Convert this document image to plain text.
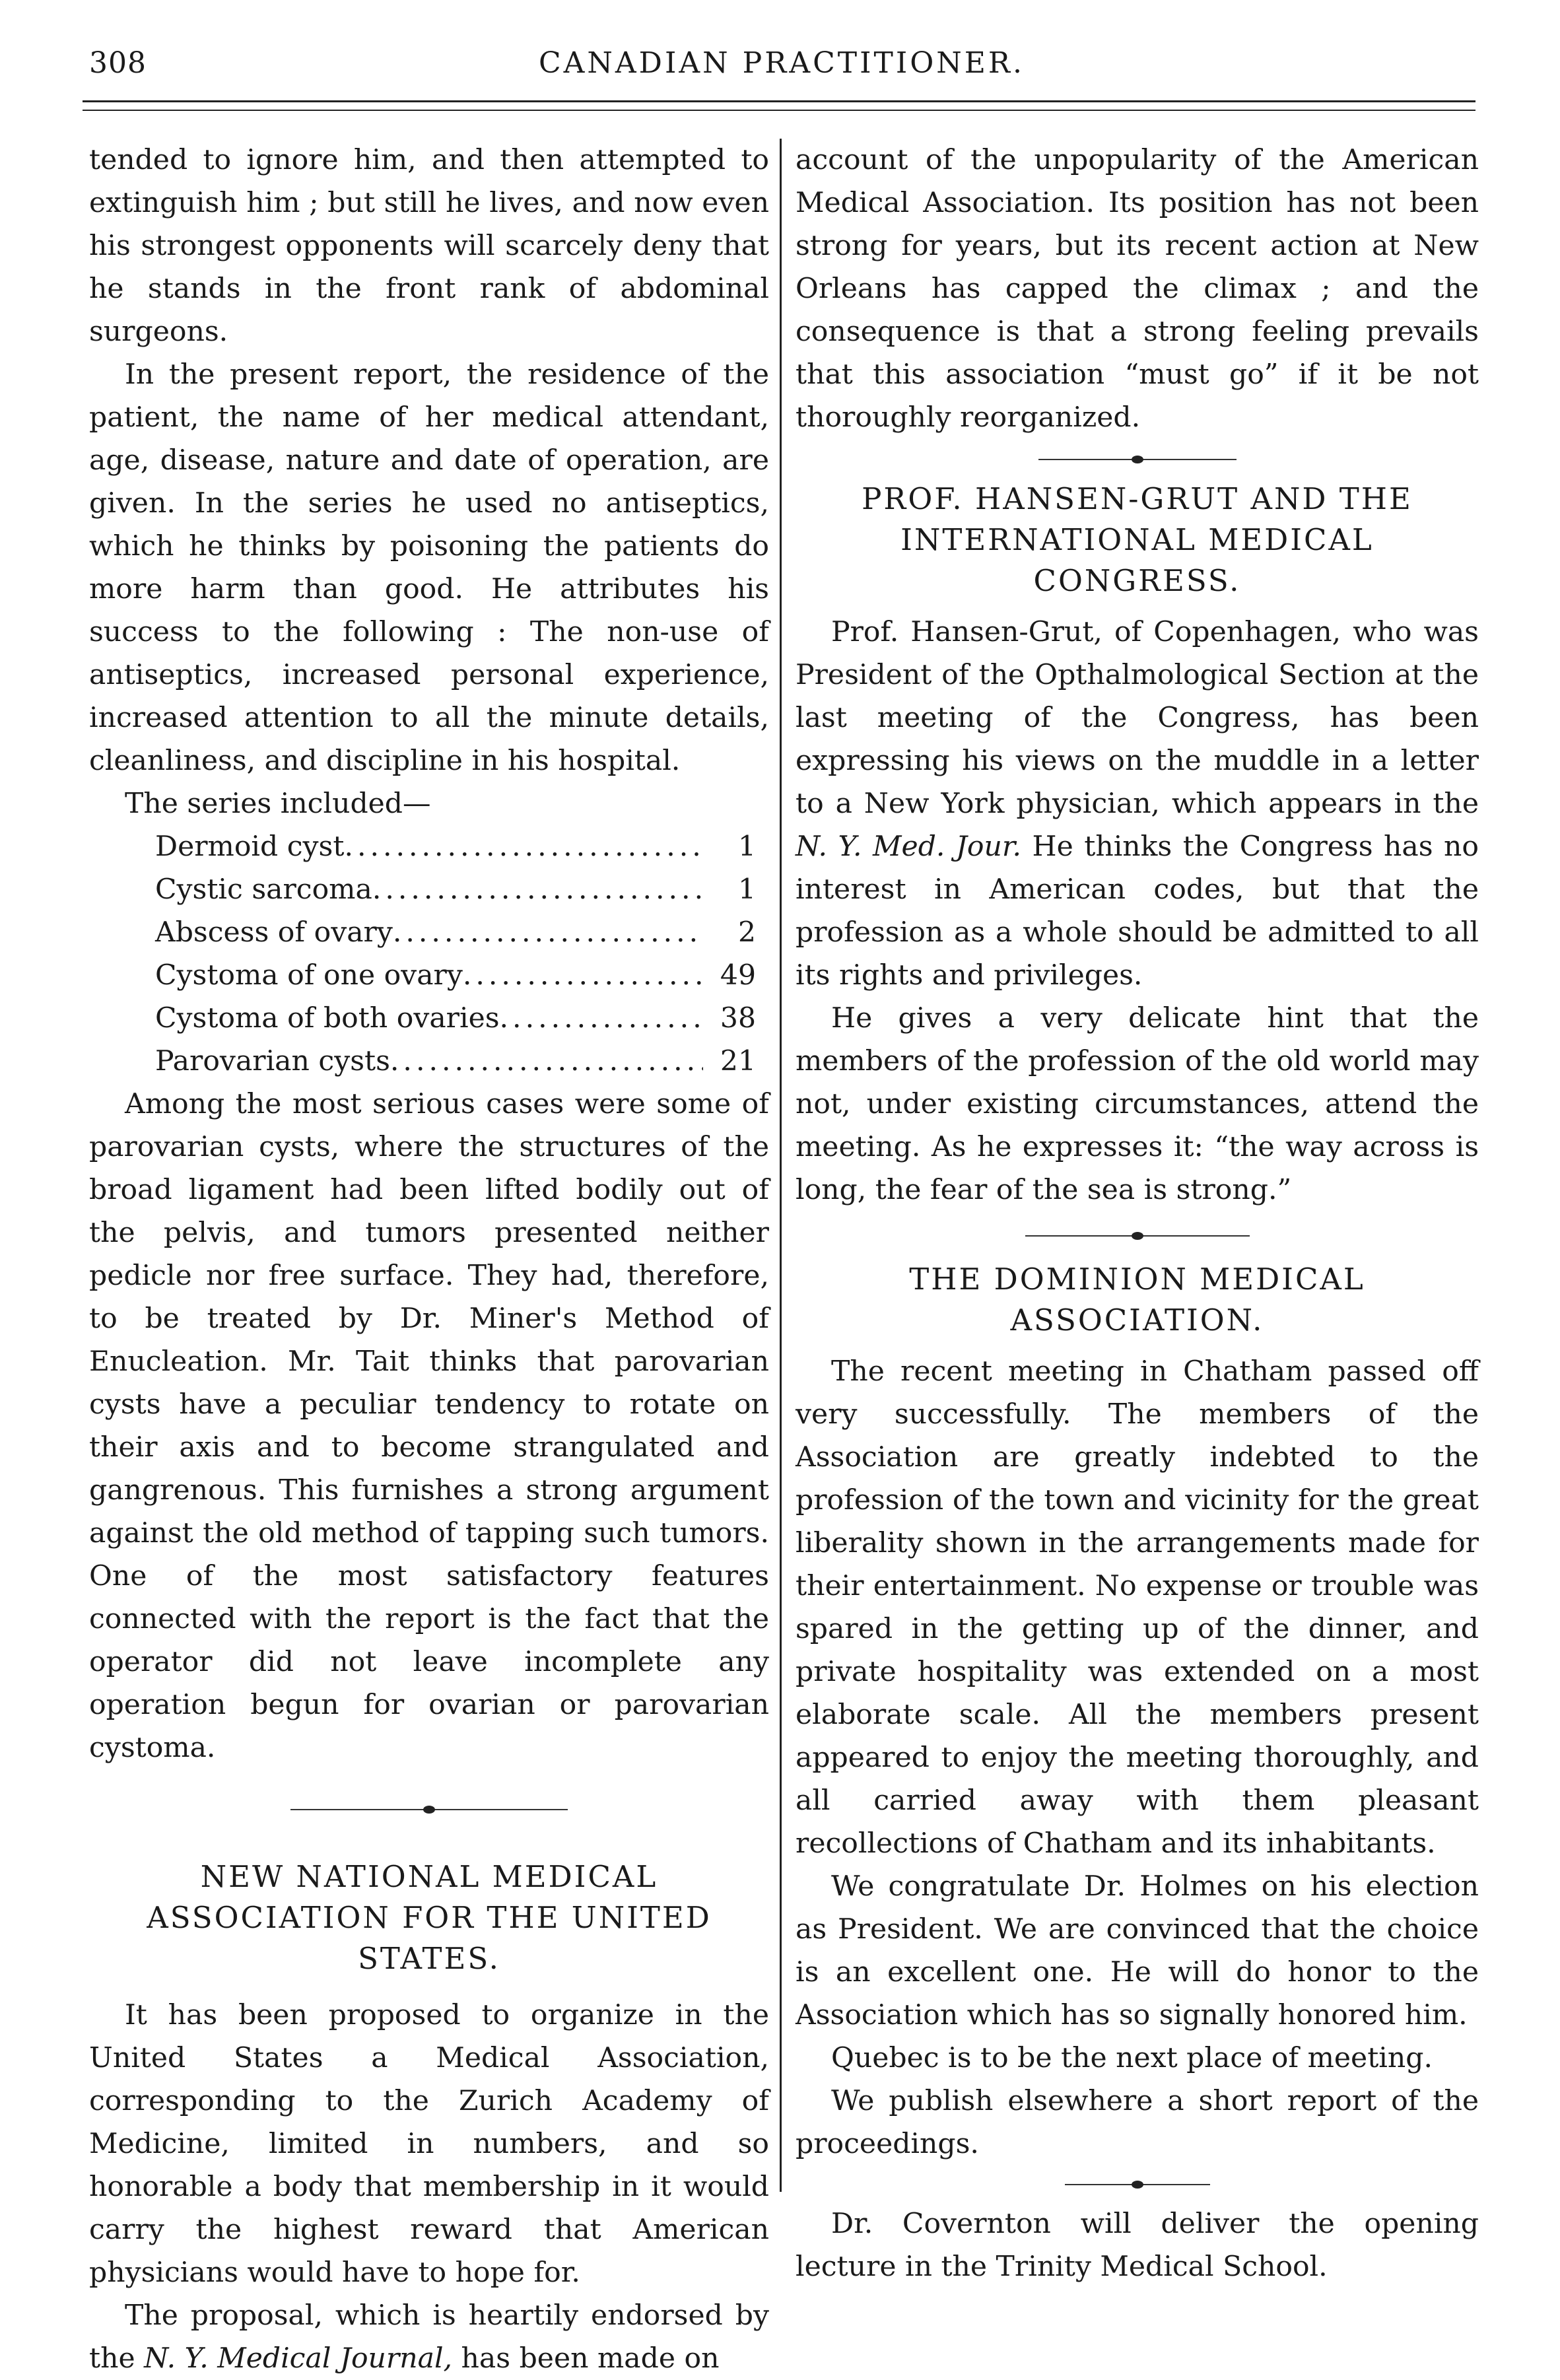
308	CANADIAN PRACTITIONER.

tended to ignore him, and then attempted to extinguish him ; but still he lives, and now even his strongest opponents will scarcely deny that he stands in the front rank of abdominal surgeons.

In the present report, the residence of the patient, the name of her medical attendant, age, disease, nature and date of operation, are given. In the series he used no antiseptics, which he thinks by poisoning the patients do more harm than good. He attributes his success to the following : The non-use of antiseptics, increased personal experience, increased attention to all the minute details, cleanliness, and discipline in his hospital.

The series included—

Dermoid cyst .....	1
Cystic sarcoma .....	1
Abscess of ovary .....	2
Cystoma of one ovary .....	49
Cystoma of both ovaries .....	38
Parovarian cysts .....	21

Among the most serious cases were some of parovarian cysts, where the structures of the broad ligament had been lifted bodily out of the pelvis, and tumors presented neither pedicle nor free surface. They had, therefore, to be treated by Dr. Miner's Method of Enucleation. Mr. Tait thinks that parovarian cysts have a peculiar tendency to rotate on their axis and to become strangulated and gangrenous. This furnishes a strong argument against the old method of tapping such tumors. One of the most satisfactory features connected with the report is the fact that the operator did not leave incomplete any operation begun for ovarian or parovarian cystoma.

NEW NATIONAL MEDICAL ASSOCIATION FOR THE UNITED STATES.

It has been proposed to organize in the United States a Medical Association, corresponding to the Zurich Academy of Medicine, limited in numbers, and so honorable a body that membership in it would carry the highest reward that American physicians would have to hope for.

The proposal, which is heartily endorsed by the N. Y. Medical Journal, has been made on

account of the unpopularity of the American Medical Association. Its position has not been strong for years, but its recent action at New Orleans has capped the climax ; and the consequence is that a strong feeling prevails that this association “must go” if it be not thoroughly reorganized.

PROF. HANSEN-GRUT AND THE INTERNATIONAL MEDICAL CONGRESS.

Prof. Hansen-Grut, of Copenhagen, who was President of the Opthalmological Section at the last meeting of the Congress, has been expressing his views on the muddle in a letter to a New York physician, which appears in the N. Y. Med. Jour. He thinks the Congress has no interest in American codes, but that the profession as a whole should be admitted to all its rights and privileges.

He gives a very delicate hint that the members of the profession of the old world may not, under existing circumstances, attend the meeting. As he expresses it: “the way across is long, the fear of the sea is strong.”

THE DOMINION MEDICAL ASSOCIATION.

The recent meeting in Chatham passed off very successfully. The members of the Association are greatly indebted to the profession of the town and vicinity for the great liberality shown in the arrangements made for their entertainment. No expense or trouble was spared in the getting up of the dinner, and private hospitality was extended on a most elaborate scale. All the members present appeared to enjoy the meeting thoroughly, and all carried away with them pleasant recollections of Chatham and its inhabitants.

We congratulate Dr. Holmes on his election as President. We are convinced that the choice is an excellent one. He will do honor to the Association which has so signally honored him.

Quebec is to be the next place of meeting.

We publish elsewhere a short report of the proceedings.

Dr. Covernton will deliver the opening lecture in the Trinity Medical School.
